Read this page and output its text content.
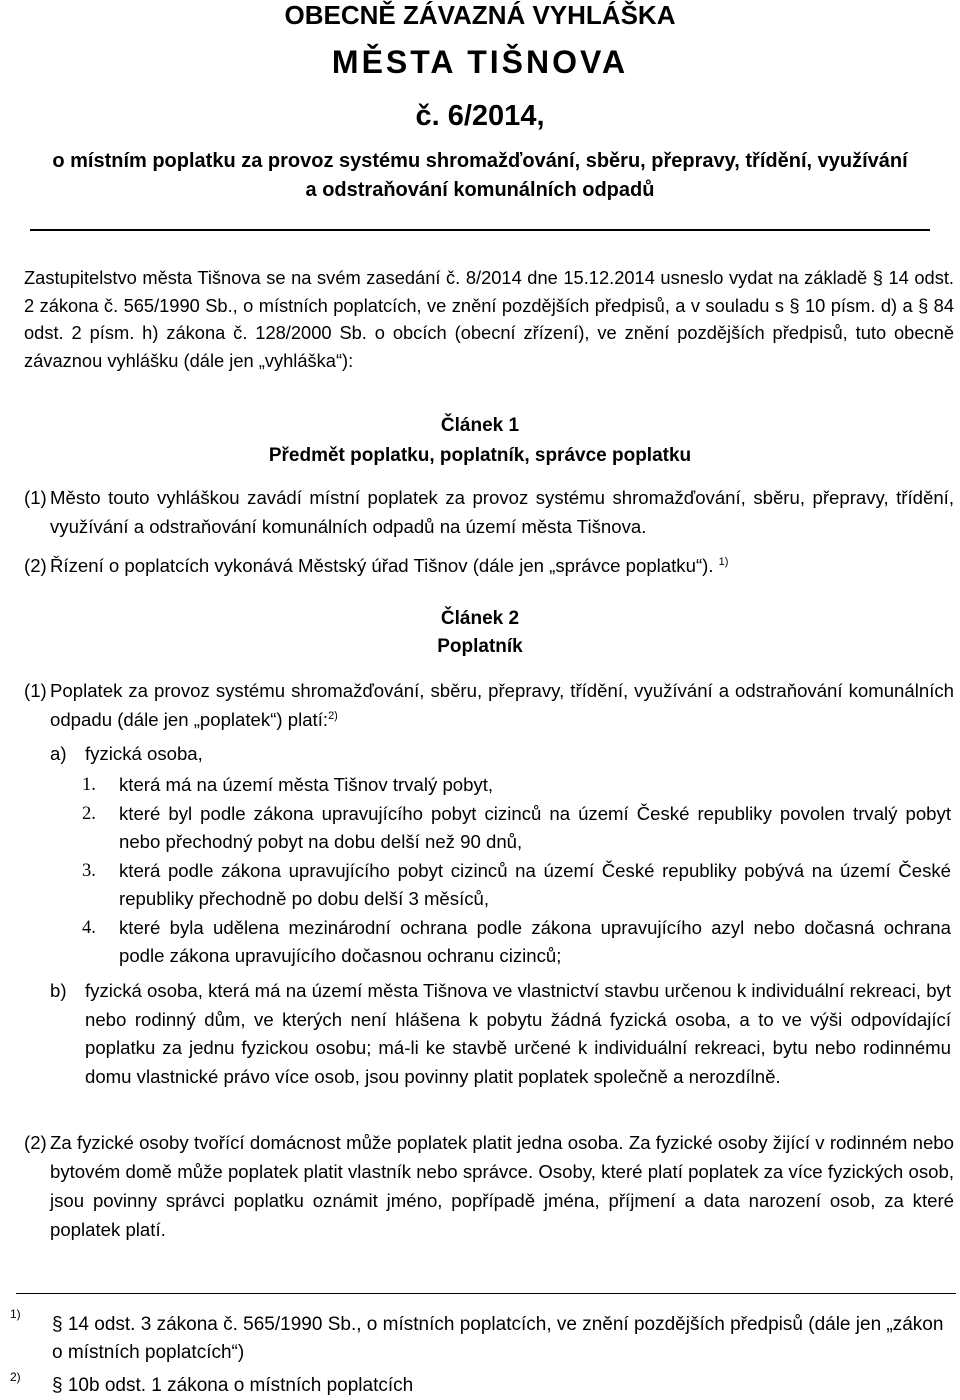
OBECNĚ ZÁVAZNÁ VYHLÁŠKA
MĚSTA TIŠNOVA
č. 6/2014,
o místním poplatku za provoz systému shromažďování, sběru, přepravy, třídění, využívání
a odstraňování komunálních odpadů
Zastupitelstvo města Tišnova se na svém zasedání č. 8/2014 dne 15.12.2014 usneslo vydat na základě § 14 odst. 2 zákona č. 565/1990 Sb., o místních poplatcích, ve znění pozdějších předpisů, a v souladu s § 10 písm. d) a § 84 odst. 2 písm. h) zákona č. 128/2000 Sb. o obcích (obecní zřízení), ve znění pozdějších předpisů, tuto obecně závaznou vyhlášku (dále jen „vyhláška“):
Článek 1
Předmět poplatku, poplatník, správce poplatku
(1) Město touto vyhláškou zavádí místní poplatek za provoz systému shromažďování, sběru, přepravy, třídění, využívání a odstraňování komunálních odpadů na území města Tišnova.
(2) Řízení o poplatcích vykonává Městský úřad Tišnov (dále jen „správce poplatku“). $^{1)}$
Článek 2
Poplatník
(1) Poplatek za provoz systému shromažďování, sběru, přepravy, třídění, využívání a odstraňování komunálních odpadu (dále jen „poplatek“) platí:$^{2)}$
a) fyzická osoba,
1. která má na území města Tišnov trvalý pobyt,
2. které byl podle zákona upravujícího pobyt cizinců na území České republiky povolen trvalý pobyt nebo přechodný pobyt na dobu delší než 90 dnů,
3. která podle zákona upravujícího pobyt cizinců na území České republiky pobývá na území České republiky přechodně po dobu delší 3 měsíců,
4. které byla udělena mezinárodní ochrana podle zákona upravujícího azyl nebo dočasná ochrana podle zákona upravujícího dočasnou ochranu cizinců;
b) fyzická osoba, která má na území města Tišnova ve vlastnictví stavbu určenou k individuální rekreaci, byt nebo rodinný dům, ve kterých není hlášena k pobytu žádná fyzická osoba, a to ve výši odpovídající poplatku za jednu fyzickou osobu; má-li ke stavbě určené k individuální rekreaci, bytu nebo rodinnému domu vlastnické právo více osob, jsou povinny platit poplatek společně a nerozdílně.
(2) Za fyzické osoby tvořící domácnost může poplatek platit jedna osoba. Za fyzické osoby žijící v rodinném nebo bytovém domě může poplatek platit vlastník nebo správce. Osoby, které platí poplatek za více fyzických osob, jsou povinny správci poplatku oznámit jméno, popřípadě jména, příjmení a data narození osob, za které poplatek platí.
1) § 14 odst. 3 zákona č. 565/1990 Sb., o místních poplatcích, ve znění pozdějších předpisů (dále jen „zákon o místních poplatcích“)
2) § 10b odst. 1 zákona o místních poplatcích
